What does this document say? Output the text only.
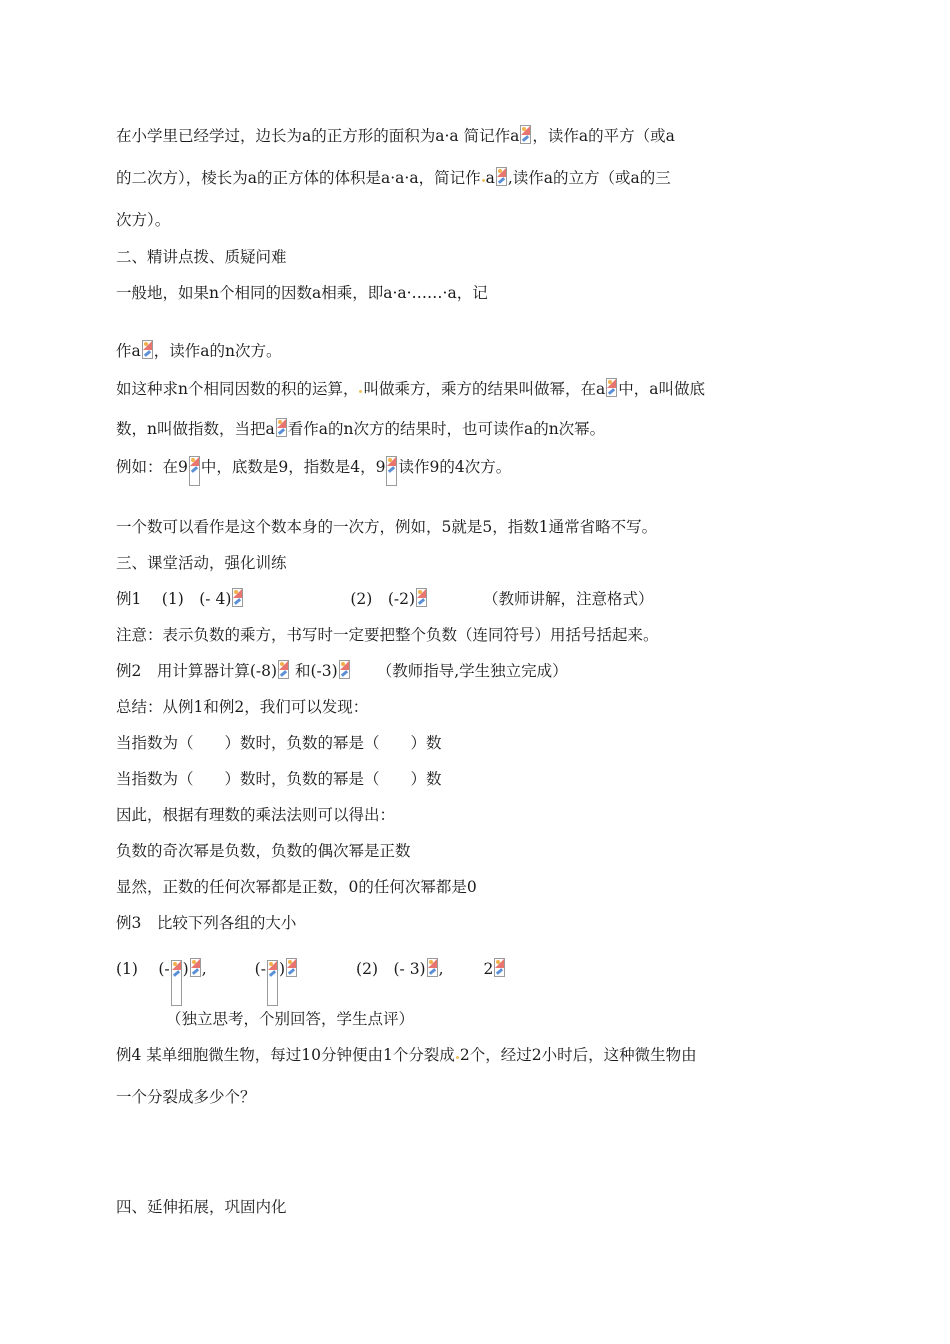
在小学里已经学过，边长为a的正方形的面积为a·a 简记作a ，读作a的平方（或a
的二次方），棱长为a的正方体的体积是a·a·a，简记作 a ,读作a的立方（或a的三
次方）。
二、精讲点拨、质疑问难
一般地，如果n个相同的因数a相乘，即a·a·……·a，记
作a ，读作a的n次方。
如这种求n个相同因数的积的运算， 叫做乘方，乘方的结果叫做幂，在a 中，a叫做底
数，n叫做指数，当把a 看作a的n次方的结果时，也可读作a的n次幂。
例如：在9 中，底数是9，指数是4，9 读作9的4次方。
一个数可以看作是这个数本身的一次方，例如，5就是5，指数1通常省略不写。
三、课堂活动，强化训练
例1　 (1)　(- 4)	(2)　(-2)	（教师讲解，注意格式）
注意：表示负数的乘方，书写时一定要把整个负数（连同符号）用括号括起来。
例2　用计算器计算(-8) 和(-3)	（教师指导,学生独立完成）
总结：从例1和例2，我们可以发现：
当指数为（　　）数时，负数的幂是（　　）数
当指数为（　　）数时，负数的幂是（　　）数
因此，根据有理数的乘法法则可以得出：
负数的奇次幂是负数，负数的偶次幂是正数
显然，正数的任何次幂都是正数，0的任何次幂都是0
例3　比较下列各组的大小
(1)　 (- ) ,	(- )	(2)　(- 3) ,	2
（独立思考，个别回答，学生点评）
例4 某单细胞微生物，每过10分钟便由1个分裂成 2个，经过2小时后，这种微生物由
一个分裂成多少个？
四、延伸拓展，巩固内化
